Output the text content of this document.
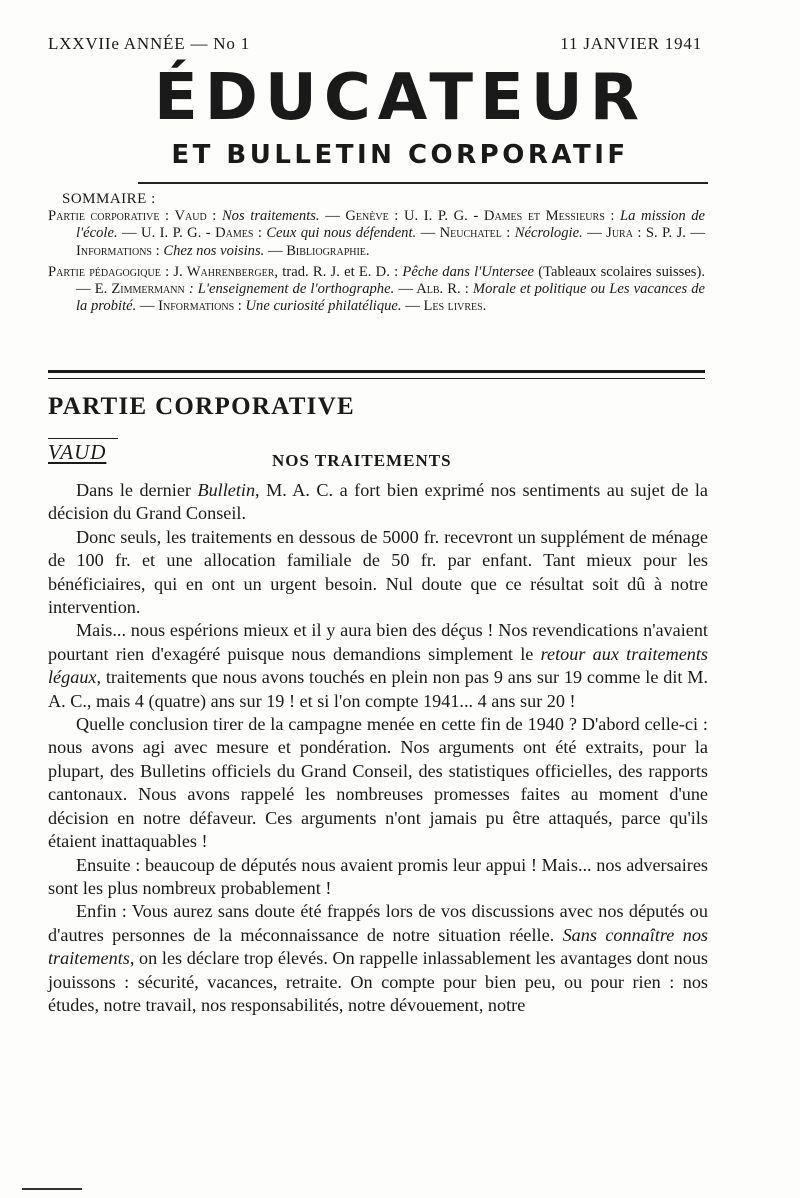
LXXVIIe ANNÉE — No 1	11 JANVIER 1941
ÉDUCATEUR
ET BULLETIN CORPORATIF
SOMMAIRE :

Partie corporative : Vaud : Nos traitements. — Genève : U. I. P. G. - Dames et Messieurs : La mission de l'école. — U. I. P. G. - Dames : Ceux qui nous défendent. — Neuchatel : Nécrologie. — Jura : S. P. J. — Informations : Chez nos voisins. — Bibliographie.

Partie pédagogique : J. Wahrenberger, trad. R. J. et E. D. : Pêche dans l'Untersee (Tableaux scolaires suisses). — E. Zimmermann : L'enseignement de l'orthographe. — Alb. R. : Morale et politique ou Les vacances de la probité. — Informations : Une curiosité philatélique. — Les livres.

PARTIE CORPORATIVE
VAUD	NOS TRAITEMENTS

Dans le dernier Bulletin, M. A. C. a fort bien exprimé nos sentiments au sujet de la décision du Grand Conseil.

Donc seuls, les traitements en dessous de 5000 fr. recevront un supplément de ménage de 100 fr. et une allocation familiale de 50 fr. par enfant. Tant mieux pour les bénéficiaires, qui en ont un urgent besoin. Nul doute que ce résultat soit dû à notre intervention.

Mais... nous espérions mieux et il y aura bien des déçus ! Nos revendications n'avaient pourtant rien d'exagéré puisque nous demandions simplement le retour aux traitements légaux, traitements que nous avons touchés en plein non pas 9 ans sur 19 comme le dit M. A. C., mais 4 (quatre) ans sur 19 ! et si l'on compte 1941... 4 ans sur 20 !

Quelle conclusion tirer de la campagne menée en cette fin de 1940 ? D'abord celle-ci : nous avons agi avec mesure et pondération. Nos arguments ont été extraits, pour la plupart, des Bulletins officiels du Grand Conseil, des statistiques officielles, des rapports cantonaux. Nous avons rappelé les nombreuses promesses faites au moment d'une décision en notre défaveur. Ces arguments n'ont jamais pu être attaqués, parce qu'ils étaient inattaquables !

Ensuite : beaucoup de députés nous avaient promis leur appui ! Mais... nos adversaires sont les plus nombreux probablement !

Enfin : Vous aurez sans doute été frappés lors de vos discussions avec nos députés ou d'autres personnes de la méconnaissance de notre situation réelle. Sans connaître nos traitements, on les déclare trop élevés. On rappelle inlassablement les avantages dont nous jouissons : sécurité, vacances, retraite. On compte pour bien peu, ou pour rien : nos études, notre travail, nos responsabilités, notre dévouement, notre
